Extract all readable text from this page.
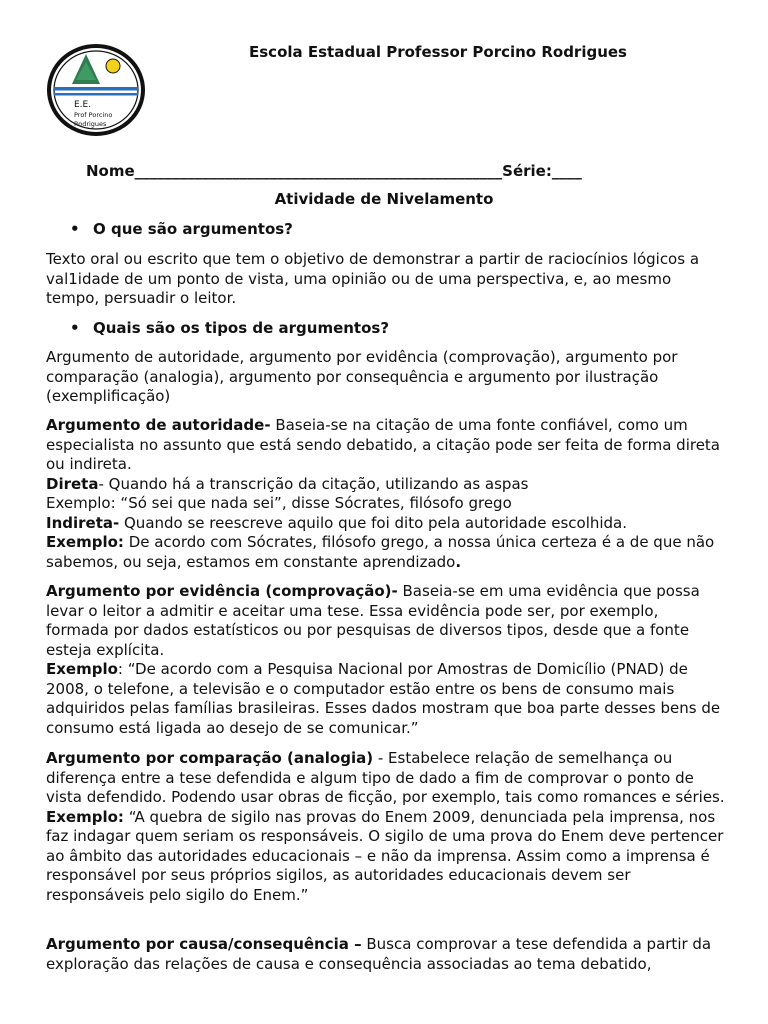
E.E.
Prof Porcino
Rodrigues
Escola Estadual Professor Porcino Rodrigues
Nome_________________________________________________Série:____
Atividade de Nivelamento
• O que são argumentos?

Texto oral ou escrito que tem o objetivo de demonstrar a partir de raciocínios lógicos a val1idade de um ponto de vista, uma opinião ou de uma perspectiva, e, ao mesmo tempo, persuadir o leitor.

• Quais são os tipos de argumentos?

Argumento de autoridade, argumento por evidência (comprovação), argumento por comparação (analogia), argumento por consequência e argumento por ilustração (exemplificação)

Argumento de autoridade- Baseia-se na citação de uma fonte confiável, como um especialista no assunto que está sendo debatido, a citação pode ser feita de forma direta ou indireta.

Direta- Quando há a transcrição da citação, utilizando as aspas

Exemplo: “Só sei que nada sei”, disse Sócrates, filósofo grego

Indireta- Quando se reescreve aquilo que foi dito pela autoridade escolhida.

Exemplo: De acordo com Sócrates, filósofo grego, a nossa única certeza é a de que não sabemos, ou seja, estamos em constante aprendizado.

Argumento por evidência (comprovação)- Baseia-se em uma evidência que possa levar o leitor a admitir e aceitar uma tese. Essa evidência pode ser, por exemplo, formada por dados estatísticos ou por pesquisas de diversos tipos, desde que a fonte esteja explícita.

Exemplo: “De acordo com a Pesquisa Nacional por Amostras de Domicílio (PNAD) de 2008, o telefone, a televisão e o computador estão entre os bens de consumo mais adquiridos pelas famílias brasileiras. Esses dados mostram que boa parte desses bens de consumo está ligada ao desejo de se comunicar.”

Argumento por comparação (analogia) - Estabelece relação de semelhança ou diferença entre a tese defendida e algum tipo de dado a fim de comprovar o ponto de vista defendido. Podendo usar obras de ficção, por exemplo, tais como romances e séries.

Exemplo: “A quebra de sigilo nas provas do Enem 2009, denunciada pela imprensa, nos faz indagar quem seriam os responsáveis. O sigilo de uma prova do Enem deve pertencer ao âmbito das autoridades educacionais – e não da imprensa. Assim como a imprensa é responsável por seus próprios sigilos, as autoridades educacionais devem ser responsáveis pelo sigilo do Enem.”

Argumento por causa/consequência – Busca comprovar a tese defendida a partir da exploração das relações de causa e consequência associadas ao tema debatido,
